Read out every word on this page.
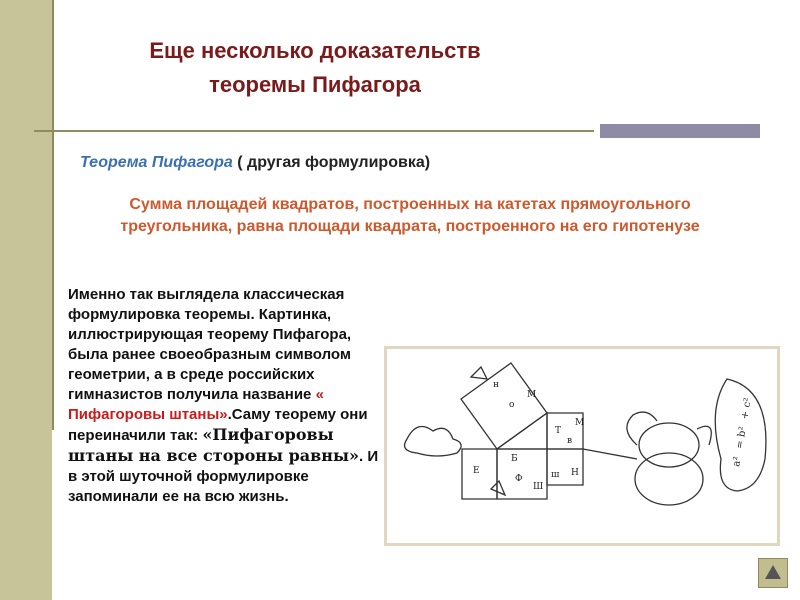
Еще несколько доказательств
теоремы Пифагора
Теорема Пифагора ( другая формулировка)
Сумма площадей квадратов, построенных на катетах прямоугольного треугольника, равна площади квадрата, построенного на его гипотенузе
Именно так выглядела классическая формулировка теоремы. Картинка, иллюстрирующая теорему Пифагора, была ранее своеобразным символом геометрии, а в среде российских гимназистов получила название « Пифагоровы штаны».Саму теорему они переиначили так: «Пифагоровы штаны на все стороны равны». И в этой шуточной формулировке запоминали ее на всю жизнь.
н
о
М
Т
в
М
Н
ш
Б
Ф
Ш
Е
a²
=
b²
+
c²
